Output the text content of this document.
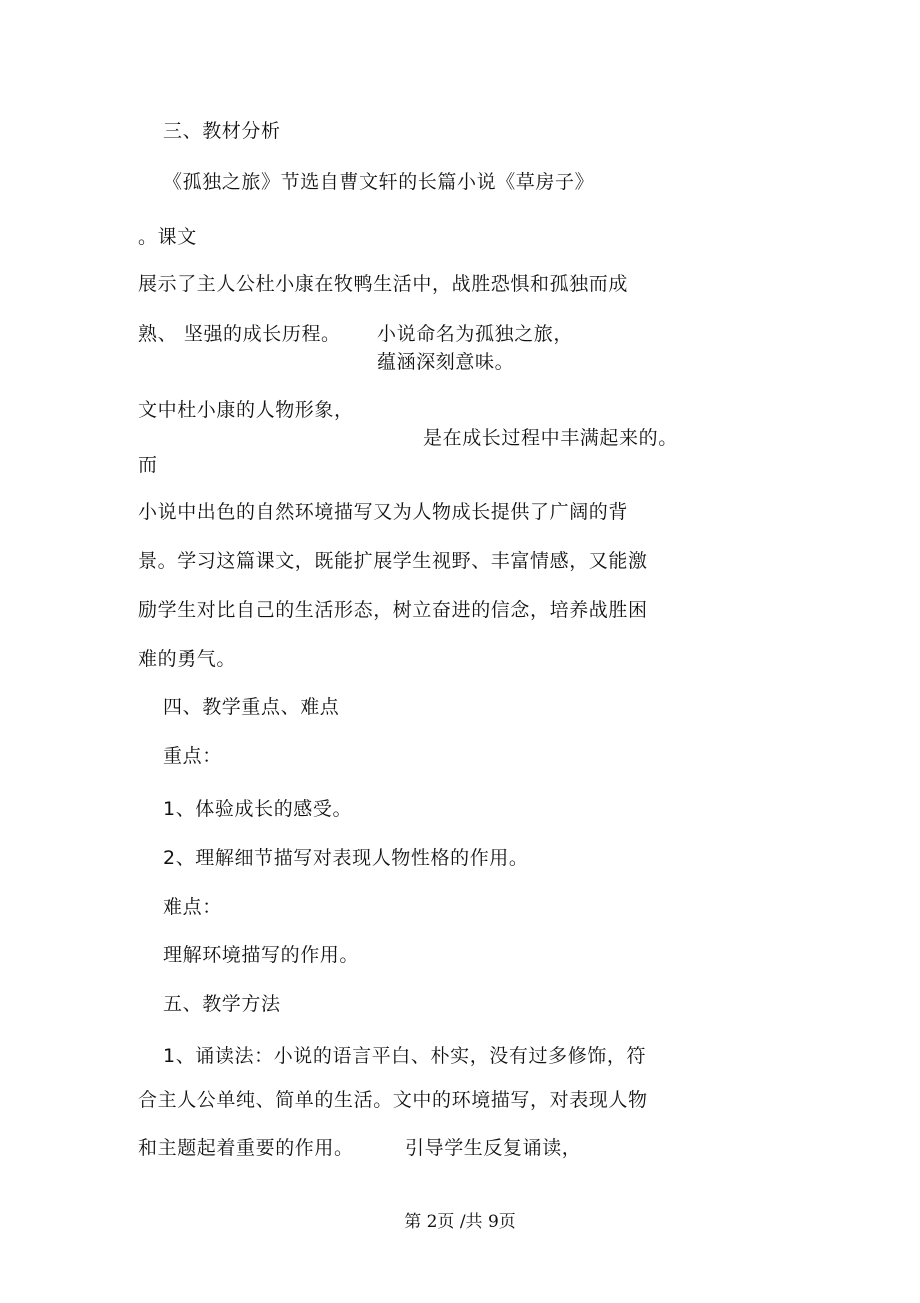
三、教材分析
《孤独之旅》节选自曹文轩的长篇小说《草房子》
。课文
展示了主人公杜小康在牧鸭生活中，战胜恐惧和孤独而成
熟、 坚强的成长历程。 小说命名为孤独之旅，
蕴涵深刻意味。
文中杜小康的人物形象，
是在成长过程中丰满起来的。
而
小说中出色的自然环境描写又为人物成长提供了广阔的背
景。学习这篇课文，既能扩展学生视野、丰富情感，又能激
励学生对比自己的生活形态，树立奋进的信念，培养战胜困
难的勇气。
四、教学重点、难点
重点：
1、体验成长的感受。
2、理解细节描写对表现人物性格的作用。
难点：
理解环境描写的作用。
五、教学方法
1、诵读法：小说的语言平白、朴实，没有过多修饰，符
合主人公单纯、简单的生活。文中的环境描写，对表现人物
和主题起着重要的作用。	引导学生反复诵读，
第 2页 /共 9页
